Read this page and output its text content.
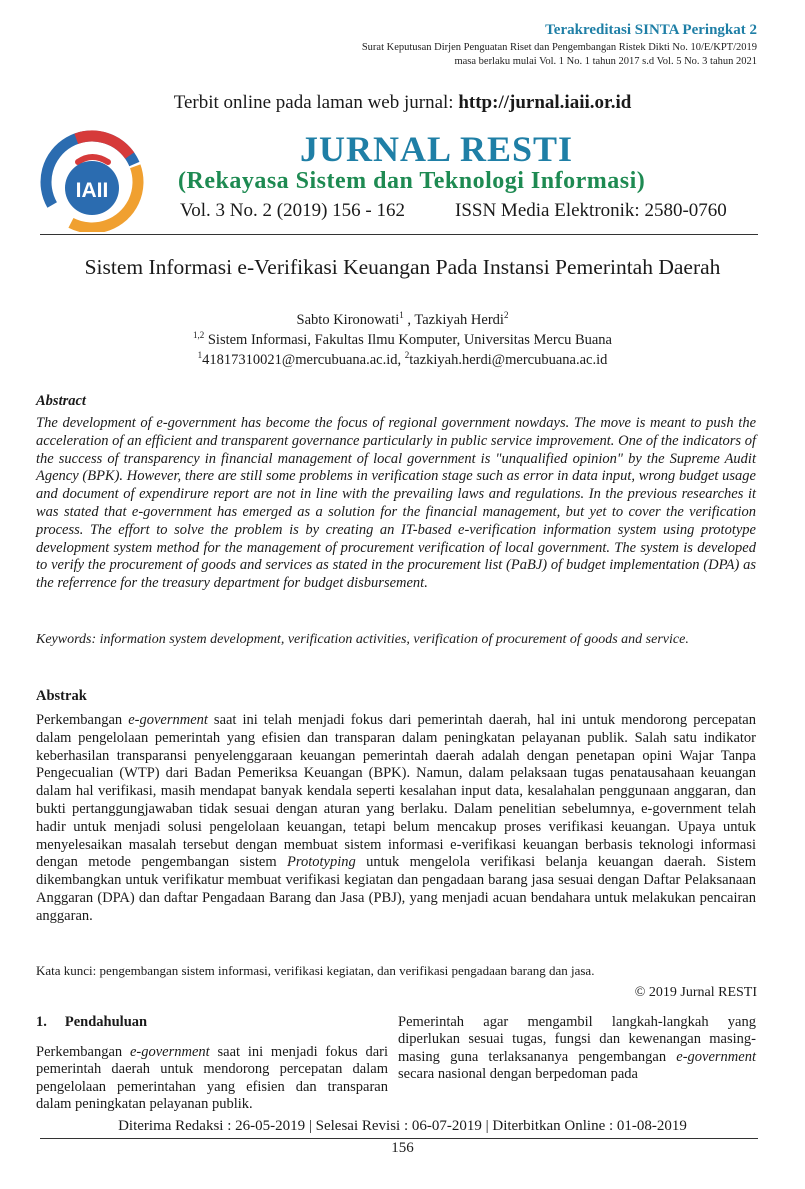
Terakreditasi SINTA Peringkat 2
Surat Keputusan Dirjen Penguatan Riset dan Pengembangan Ristek Dikti No. 10/E/KPT/2019
masa berlaku mulai Vol. 1 No. 1 tahun 2017 s.d Vol. 5 No. 3 tahun 2021
Terbit online pada laman web jurnal: http://jurnal.iaii.or.id
IAII
JURNAL RESTI
(Rekayasa Sistem dan Teknologi Informasi)
Vol. 3 No. 2 (2019) 156 - 162	ISSN Media Elektronik: 2580-0760
Sistem Informasi e-Verifikasi Keuangan Pada Instansi Pemerintah Daerah
Sabto Kironowati$^1$ , Tazkiyah Herdi$^2$
$^{1,2}$ Sistem Informasi, Fakultas Ilmu Komputer, Universitas Mercu Buana
$^1$41817310021@mercubuana.ac.id, $^2$tazkiyah.herdi@mercubuana.ac.id
Abstract
The development of e-government has become the focus of regional government nowdays. The move is meant to push the acceleration of an efficient and transparent governance particularly in public service improvement. One of the indicators of the success of transparency in financial management of local government is "unqualified opinion" by the Supreme Audit Agency (BPK). However, there are still some problems in verification stage such as error in data input, wrong budget usage and document of expendirure report are not in line with the prevailing laws and regulations. In the previous researches it was stated that e-government has emerged as a solution for the financial management, but yet to cover the verification process. The effort to solve the problem is by creating an IT-based e-verification information system using prototype development system method for the management of procurement verification of local government. The system is developed to verify the procurement of goods and services as stated in the procurement list (PaBJ) of budget implementation (DPA) as the referrence for the treasury department for budget disbursement.
Keywords: information system development, verification activities, verification of procurement of goods and service.
Abstrak
Perkembangan e-government saat ini telah menjadi fokus dari pemerintah daerah, hal ini untuk mendorong percepatan dalam pengelolaan pemerintah yang efisien dan transparan dalam peningkatan pelayanan publik. Salah satu indikator keberhasilan transparansi penyelenggaraan keuangan pemerintah daerah adalah dengan penetapan opini Wajar Tanpa Pengecualian (WTP) dari Badan Pemeriksa Keuangan (BPK). Namun, dalam pelaksaan tugas penatausahaan keuangan dalam hal verifikasi, masih mendapat banyak kendala seperti kesalahan input data, kesalahalan penggunaan anggaran, dan bukti pertanggungjawaban tidak sesuai dengan aturan yang berlaku. Dalam penelitian sebelumnya, e-government telah hadir untuk menjadi solusi pengelolaan keuangan, tetapi belum mencakup proses verifikasi keuangan. Upaya untuk menyelesaikan masalah tersebut dengan membuat sistem informasi e-verifikasi keuangan berbasis teknologi informasi dengan metode pengembangan sistem Prototyping untuk mengelola verifikasi belanja keuangan daerah. Sistem dikembangkan untuk verifikatur membuat verifikasi kegiatan dan pengadaan barang jasa sesuai dengan Daftar Pelaksanaan Anggaran (DPA) dan daftar Pengadaan Barang dan Jasa (PBJ), yang menjadi acuan bendahara untuk melakukan pencairan anggaran.
Kata kunci: pengembangan sistem informasi, verifikasi kegiatan, dan verifikasi pengadaan barang dan jasa.
© 2019 Jurnal RESTI
1. Pendahuluan
Perkembangan e-government saat ini menjadi fokus dari pemerintah daerah untuk mendorong percepatan dalam pengelolaan pemerintahan yang efisien dan transparan dalam peningkatan pelayanan publik.
Pemerintah agar mengambil langkah-langkah yang diperlukan sesuai tugas, fungsi dan kewenangan masing-masing guna terlaksananya pengembangan e-government secara nasional dengan berpedoman pada
Diterima Redaksi : 26-05-2019 | Selesai Revisi : 06-07-2019 | Diterbitkan Online : 01-08-2019
156
